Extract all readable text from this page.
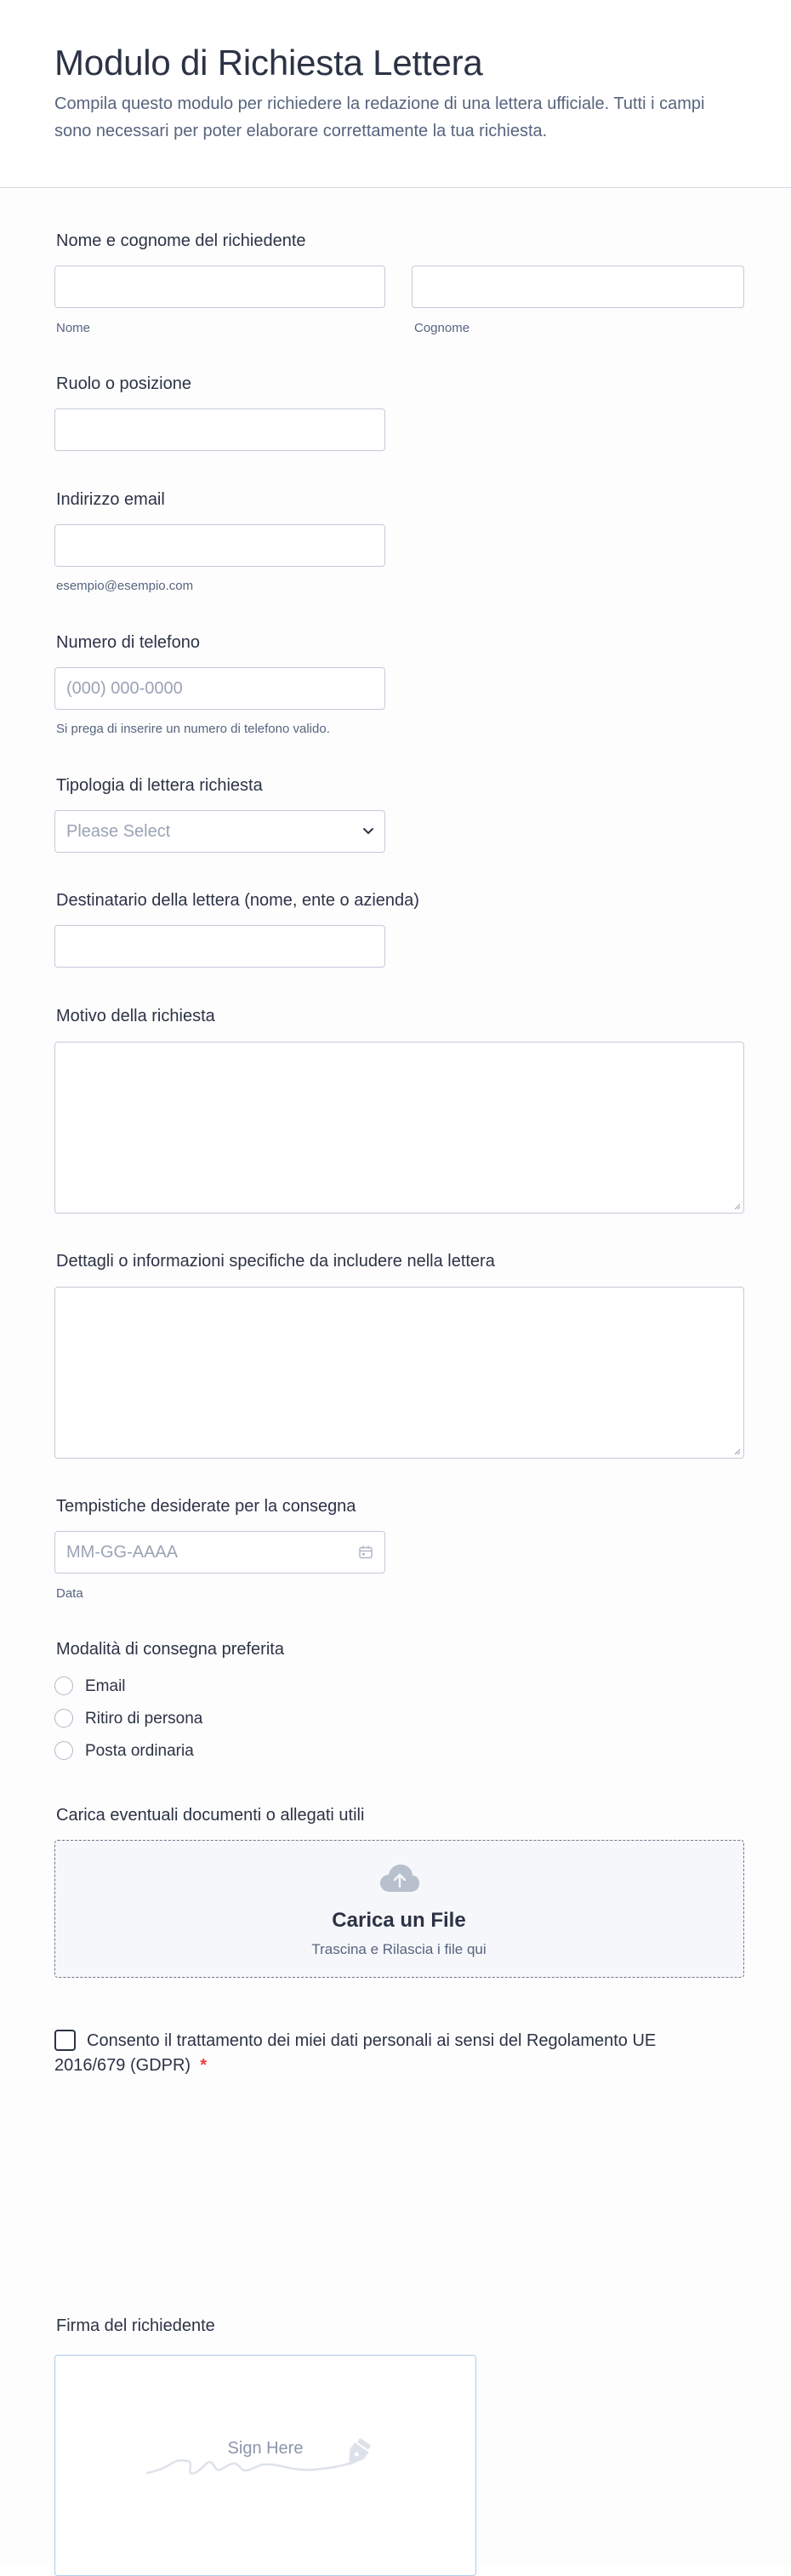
Modulo di Richiesta Lettera

Compila questo modulo per richiedere la redazione di una lettera ufficiale. Tutti i campi sono necessari per poter elaborare correttamente la tua richiesta.

Nome e cognome del richiedente

Nome	Cognome

Ruolo o posizione

Indirizzo email

esempio@esempio.com

Numero di telefono

(000) 000-0000

Si prega di inserire un numero di telefono valido.

Tipologia di lettera richiesta

Please Select

Destinatario della lettera (nome, ente o azienda)

Motivo della richiesta

Dettagli o informazioni specifiche da includere nella lettera

Tempistiche desiderate per la consegna

MM-GG-AAAA

Data

Modalità di consegna preferita

Email
Ritiro di persona
Posta ordinaria

Carica eventuali documenti o allegati utili

Carica un File
Trascina e Rilascia i file qui

Consento il trattamento dei miei dati personali ai sensi del Regolamento UE 2016/679 (GDPR) *

Firma del richiedente

Sign Here
